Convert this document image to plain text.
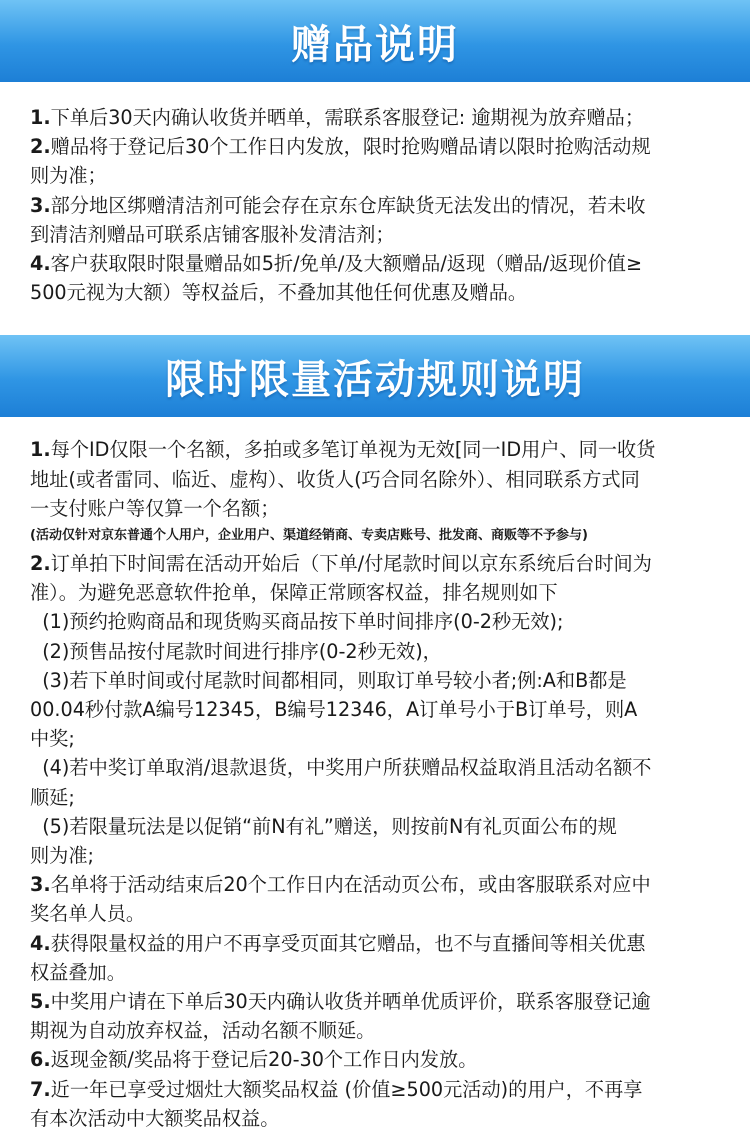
赠品说明
1.下单后30天内确认收货并晒单，需联系客服登记: 逾期视为放弃赠品；
2.赠品将于登记后30个工作日内发放，限时抢购赠品请以限时抢购活动规
则为准；
3.部分地区绑赠清洁剂可能会存在京东仓库缺货无法发出的情况，若未收
到清洁剂赠品可联系店铺客服补发清洁剂；
4.客户获取限时限量赠品如5折/免单/及大额赠品/返现（赠品/返现价值≥
500元视为大额）等权益后，不叠加其他任何优惠及赠品。
限时限量活动规则说明
1.每个ID仅限一个名额，多拍或多笔订单视为无效[同一ID用户、同一收货
地址(或者雷同、临近、虚构）、收货人(巧合同名除外）、相同联系方式同
一支付账户等仅算一个名额；
(活动仅针对京东普通个人用户，企业用户、渠道经销商、专卖店账号、批发商、商贩等不予参与)
2.订单拍下时间需在活动开始后（下单/付尾款时间以京东系统后台时间为
准）。为避免恶意软件抢单，保障正常顾客权益，排名规则如下
(1)预约抢购商品和现货购买商品按下单时间排序(0-2秒无效);
(2)预售品按付尾款时间进行排序(0-2秒无效)，
(3)若下单时间或付尾款时间都相同，则取订单号较小者;例:A和B都是
00.04秒付款A编号12345，B编号12346，A订单号小于B订单号，则A
中奖;
(4)若中奖订单取消/退款退货，中奖用户所获赠品权益取消且活动名额不
顺延;
(5)若限量玩法是以促销“前N有礼”赠送，则按前N有礼页面公布的规
则为准;
3.名单将于活动结束后20个工作日内在活动页公布，或由客服联系对应中
奖名单人员。
4.获得限量权益的用户不再享受页面其它赠品，也不与直播间等相关优惠
权益叠加。
5.中奖用户请在下单后30天内确认收货并晒单优质评价，联系客服登记逾
期视为自动放弃权益，活动名额不顺延。
6.返现金额/奖品将于登记后20-30个工作日内发放。
7.近一年已享受过烟灶大额奖品权益 (价值≥500元活动)的用户，不再享
有本次活动中大额奖品权益。
